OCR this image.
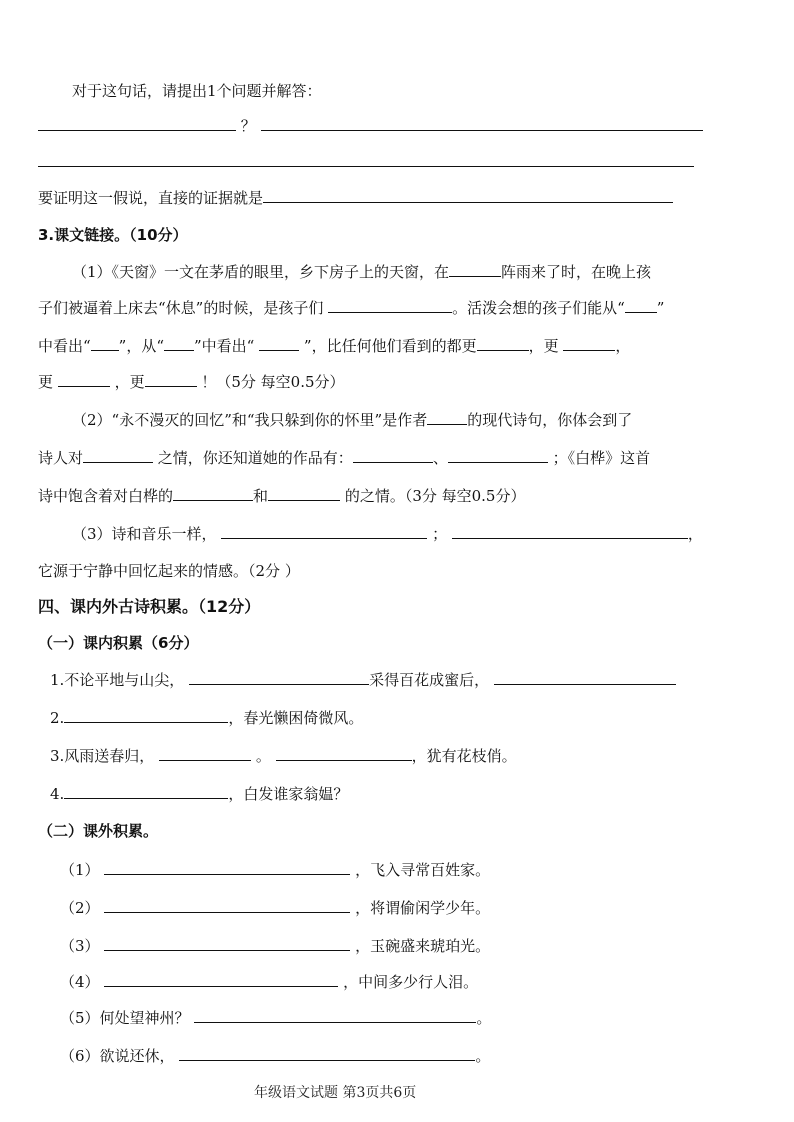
对于这句话，请提出1个问题并解答：
？
要证明这一假说，直接的证据就是
3.课文链接。（10分）
（1）《天窗》一文在茅盾的眼里，乡下房子上的天窗，在	阵雨来了时，在晚上孩
子们被逼着上床去“休息”的时候，是孩子们	。活泼会想的孩子们能从“ ”
中看出“ ”，从“ ”中看出“	”，比任何他们看到的都更	，更	，
更	，更	！（5分 每空0.5分）
（2）“永不漫灭的回忆”和“我只躲到你的怀里”是作者	的现代诗句，你体会到了
诗人对	之情，你还知道她的作品有：	、	；《白桦》这首
诗中饱含着对白桦的	和	的之情。（3分 每空0.5分）
（3）诗和音乐一样，	；	，
它源于宁静中回忆起来的情感。（2分 ）
四、课内外古诗积累。（12分）
（一）课内积累（6分）
1.不论平地与山尖，	采得百花成蜜后，
2.	，春光懒困倚微风。
3.风雨送春归，	。	，犹有花枝俏。
4.	，白发谁家翁媪？
（二）课外积累。
（1）	，飞入寻常百姓家。
（2）	，将谓偷闲学少年。
（3）	，玉碗盛来琥珀光。
（4）	，中间多少行人泪。
（5）何处望神州？	。
（6）欲说还休，	。
年级语文试题 第3页共6页
